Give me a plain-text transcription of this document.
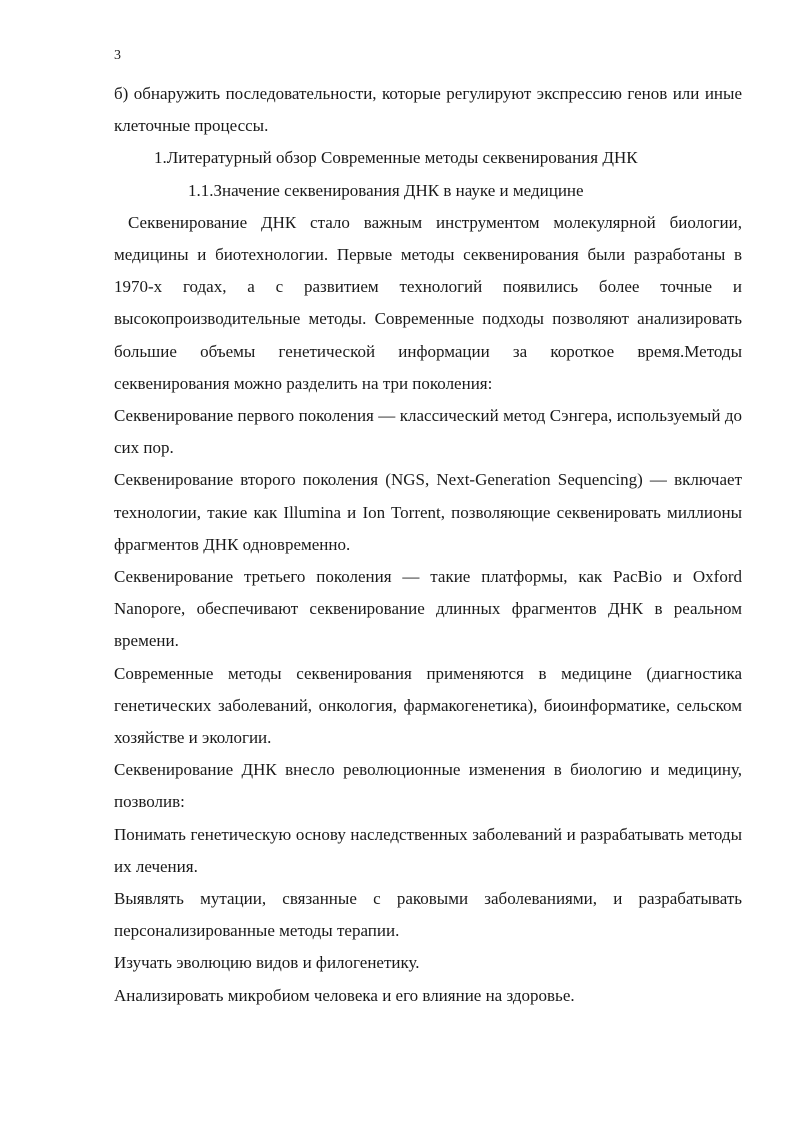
3

б) обнаружить последовательности, которые регулируют экспрессию генов или иные клеточные процессы.

1.Литературный обзор Современные методы секвенирования ДНК

1.1.Значение секвенирования ДНК в науке и медицине

Секвенирование ДНК стало важным инструментом молекулярной биологии, медицины и биотехнологии. Первые методы секвенирования были разработаны в 1970-х годах, а с развитием технологий появились более точные и высокопроизводительные методы. Современные подходы позволяют анализировать большие объемы генетической информации за короткое время.Методы секвенирования можно разделить на три поколения:

Секвенирование первого поколения — классический метод Сэнгера, используемый до сих пор.

Секвенирование второго поколения (NGS, Next-Generation Sequencing) — включает технологии, такие как Illumina и Ion Torrent, позволяющие секвенировать миллионы фрагментов ДНК одновременно.

Секвенирование третьего поколения — такие платформы, как PacBio и Oxford Nanopore, обеспечивают секвенирование длинных фрагментов ДНК в реальном времени.

Современные методы секвенирования применяются в медицине (диагностика генетических заболеваний, онкология, фармакогенетика), биоинформатике, сельском хозяйстве и экологии.

Секвенирование ДНК внесло революционные изменения в биологию и медицину, позволив:

Понимать генетическую основу наследственных заболеваний и разрабатывать методы их лечения.

Выявлять мутации, связанные с раковыми заболеваниями, и разрабатывать персонализированные методы терапии.

Изучать эволюцию видов и филогенетику.

Анализировать микробиом человека и его влияние на здоровье.
